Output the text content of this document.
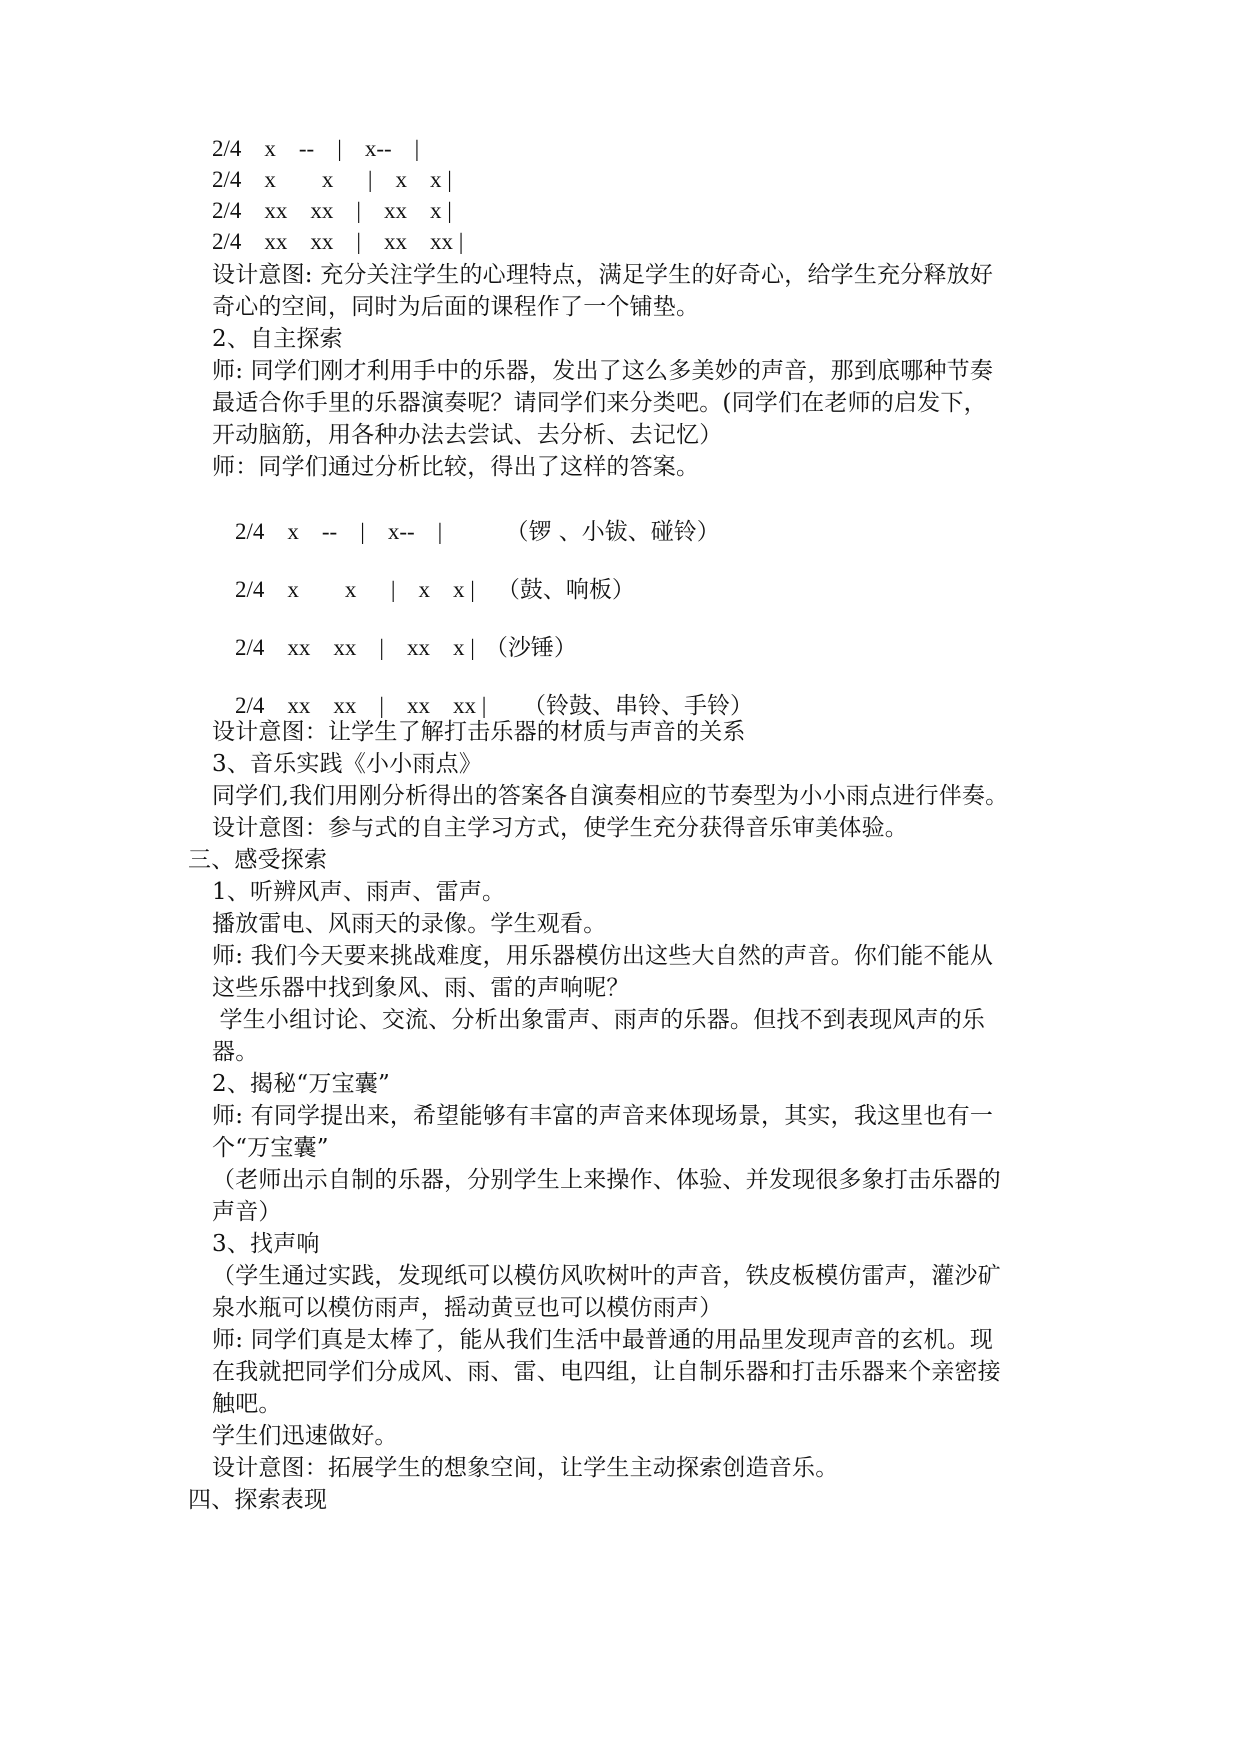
2/4    x    --    |    x--    |
2/4    x        x      |    x    x |
2/4    xx    xx    |    xx    x |
2/4    xx    xx    |    xx    xx |
设计意图: 充分关注学生的心理特点，满足学生的好奇心，给学生充分释放好
奇心的空间，同时为后面的课程作了一个铺垫。
2、自主探索
师: 同学们刚才利用手中的乐器，发出了这么多美妙的声音，那到底哪种节奏
最适合你手里的乐器演奏呢？请同学们来分类吧。(同学们在老师的启发下，
开动脑筋，用各种办法去尝试、去分析、去记忆）
师：同学们通过分析比较，得出了这样的答案。

2/4    x    --    |    x--    |    （锣 、小钹、碰铃）

2/4    x        x      |    x    x | （鼓、响板）

2/4    xx    xx    |    xx    x | （沙锤）

2/4    xx    xx    |    xx    xx |  （铃鼓、串铃、手铃）

设计意图：让学生了解打击乐器的材质与声音的关系
3、音乐实践《小小雨点》
同学们,我们用刚分析得出的答案各自演奏相应的节奏型为小小雨点进行伴奏。
设计意图：参与式的自主学习方式，使学生充分获得音乐审美体验。
三、感受探索
1、听辨风声、雨声、雷声。
播放雷电、风雨天的录像。学生观看。
师: 我们今天要来挑战难度，用乐器模仿出这些大自然的声音。你们能不能从
这些乐器中找到象风、雨、雷的声响呢？
学生小组讨论、交流、分析出象雷声、雨声的乐器。但找不到表现风声的乐
器。
2、揭秘“万宝囊”
师: 有同学提出来，希望能够有丰富的声音来体现场景，其实，我这里也有一
个“万宝囊”
（老师出示自制的乐器，分别学生上来操作、体验、并发现很多象打击乐器的
声音）
3、找声响
（学生通过实践，发现纸可以模仿风吹树叶的声音，铁皮板模仿雷声，灌沙矿
泉水瓶可以模仿雨声，摇动黄豆也可以模仿雨声）
师: 同学们真是太棒了，能从我们生活中最普通的用品里发现声音的玄机。现
在我就把同学们分成风、雨、雷、电四组，让自制乐器和打击乐器来个亲密接
触吧。
学生们迅速做好。
设计意图：拓展学生的想象空间，让学生主动探索创造音乐。
四、探索表现
